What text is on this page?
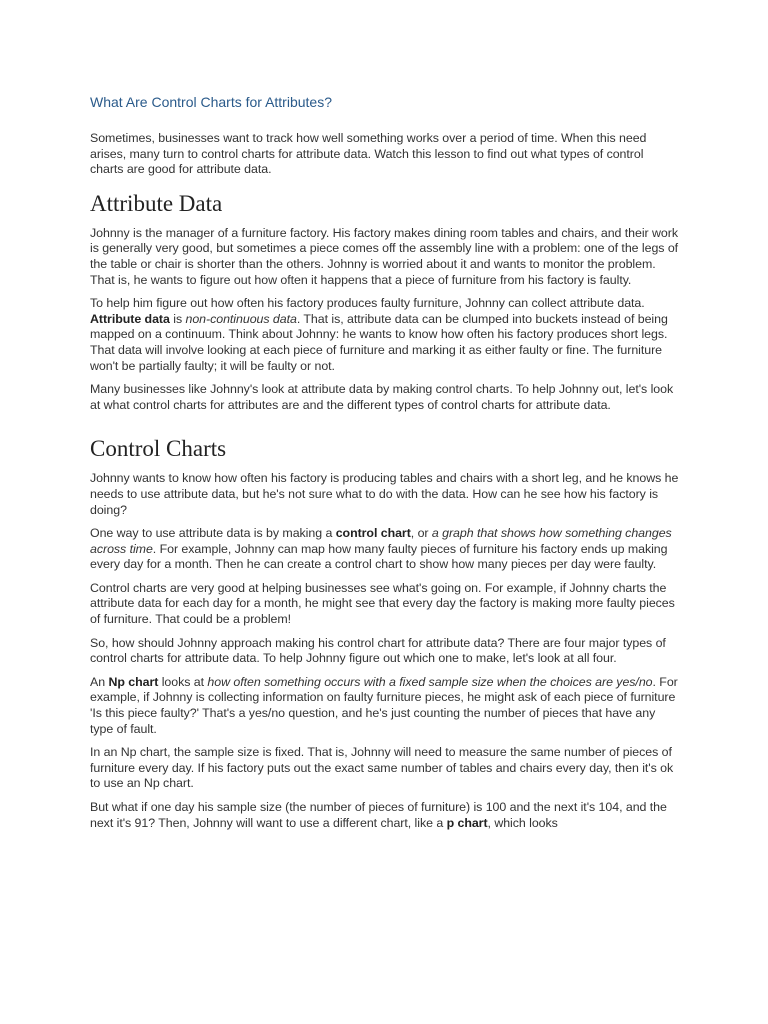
What Are Control Charts for Attributes?

Sometimes, businesses want to track how well something works over a period of time. When this need arises, many turn to control charts for attribute data. Watch this lesson to find out what types of control charts are good for attribute data.

Attribute Data

Johnny is the manager of a furniture factory. His factory makes dining room tables and chairs, and their work is generally very good, but sometimes a piece comes off the assembly line with a problem: one of the legs of the table or chair is shorter than the others. Johnny is worried about it and wants to monitor the problem. That is, he wants to figure out how often it happens that a piece of furniture from his factory is faulty.

To help him figure out how often his factory produces faulty furniture, Johnny can collect attribute data. Attribute data is non-continuous data. That is, attribute data can be clumped into buckets instead of being mapped on a continuum. Think about Johnny: he wants to know how often his factory produces short legs. That data will involve looking at each piece of furniture and marking it as either faulty or fine. The furniture won't be partially faulty; it will be faulty or not.

Many businesses like Johnny's look at attribute data by making control charts. To help Johnny out, let's look at what control charts for attributes are and the different types of control charts for attribute data.

Control Charts

Johnny wants to know how often his factory is producing tables and chairs with a short leg, and he knows he needs to use attribute data, but he's not sure what to do with the data. How can he see how his factory is doing?

One way to use attribute data is by making a control chart, or a graph that shows how something changes across time. For example, Johnny can map how many faulty pieces of furniture his factory ends up making every day for a month. Then he can create a control chart to show how many pieces per day were faulty.

Control charts are very good at helping businesses see what's going on. For example, if Johnny charts the attribute data for each day for a month, he might see that every day the factory is making more faulty pieces of furniture. That could be a problem!

So, how should Johnny approach making his control chart for attribute data? There are four major types of control charts for attribute data. To help Johnny figure out which one to make, let's look at all four.

An Np chart looks at how often something occurs with a fixed sample size when the choices are yes/no. For example, if Johnny is collecting information on faulty furniture pieces, he might ask of each piece of furniture 'Is this piece faulty?' That's a yes/no question, and he's just counting the number of pieces that have any type of fault.

In an Np chart, the sample size is fixed. That is, Johnny will need to measure the same number of pieces of furniture every day. If his factory puts out the exact same number of tables and chairs every day, then it's ok to use an Np chart.

But what if one day his sample size (the number of pieces of furniture) is 100 and the next it's 104, and the next it's 91? Then, Johnny will want to use a different chart, like a p chart, which looks
